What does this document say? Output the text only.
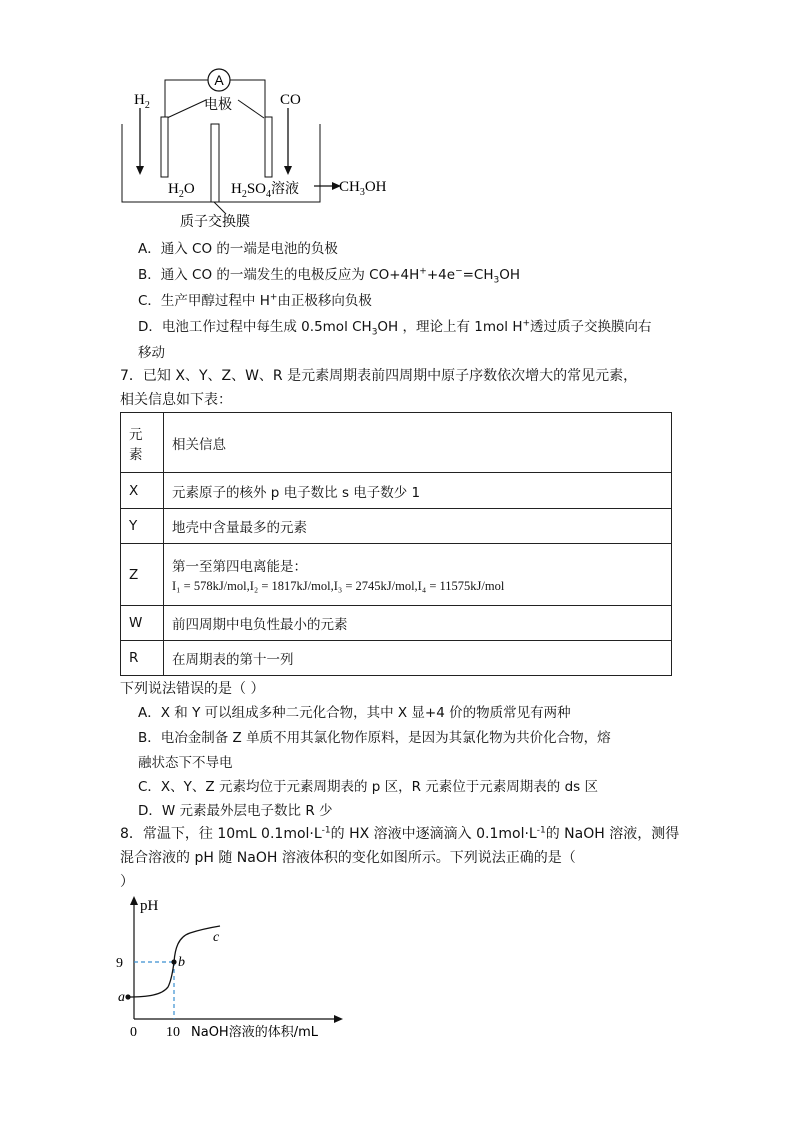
A
$H_2$	电极	CO
$H_2O$ $H_2SO_4$溶液	$CH_3OH$
质子交换膜
A．通入 CO 的一端是电池的负极
B．通入 CO 的一端发生的电极反应为 $CO+4H^++4e^-=CH_3OH$
C．生产甲醇过程中 H+由正极移向负极
D．电池工作过程中每生成 0.5mol $CH_3OH$ ，理论上有 1mol H+透过质子交换膜向右
移动
7．已知 X、Y、Z、W、R 是元素周期表前四周期中原子序数依次增大的常见元素，
相关信息如下表：
元
素	相关信息
X	元素原子的核外 p 电子数比 s 电子数少 1
Y	地壳中含量最多的元素
Z	第一至第四电离能是：
I₁ = 578kJ/mol,I₂ = 1817kJ/mol,I₃ = 2745kJ/mol,I₄ = 11575kJ/mol

W	前四周期中电负性最小的元素
R	在周期表的第十一列
下列说法错误的是（ ）
A．X 和 Y 可以组成多种二元化合物，其中 X 显+4 价的物质常见有两种
B．电冶金制备 Z 单质不用其氯化物作原料，是因为其氯化物为共价化合物，熔
融状态下不导电
C．X、Y、Z 元素均位于元素周期表的 p 区，R 元素位于元素周期表的 ds 区
D．W 元素最外层电子数比 R 少
8．常温下，往 10mL $0.1mol\cdot L^{-1}$的 HX 溶液中逐滴滴入 $0.1mol\cdot L^{-1}$的 NaOH 溶液，测得
混合溶液的 pH 随 NaOH 溶液体积的变化如图所示。下列说法正确的是（
）
pH
9
a
b
c
0 10 NaOH溶液的体积/mL
